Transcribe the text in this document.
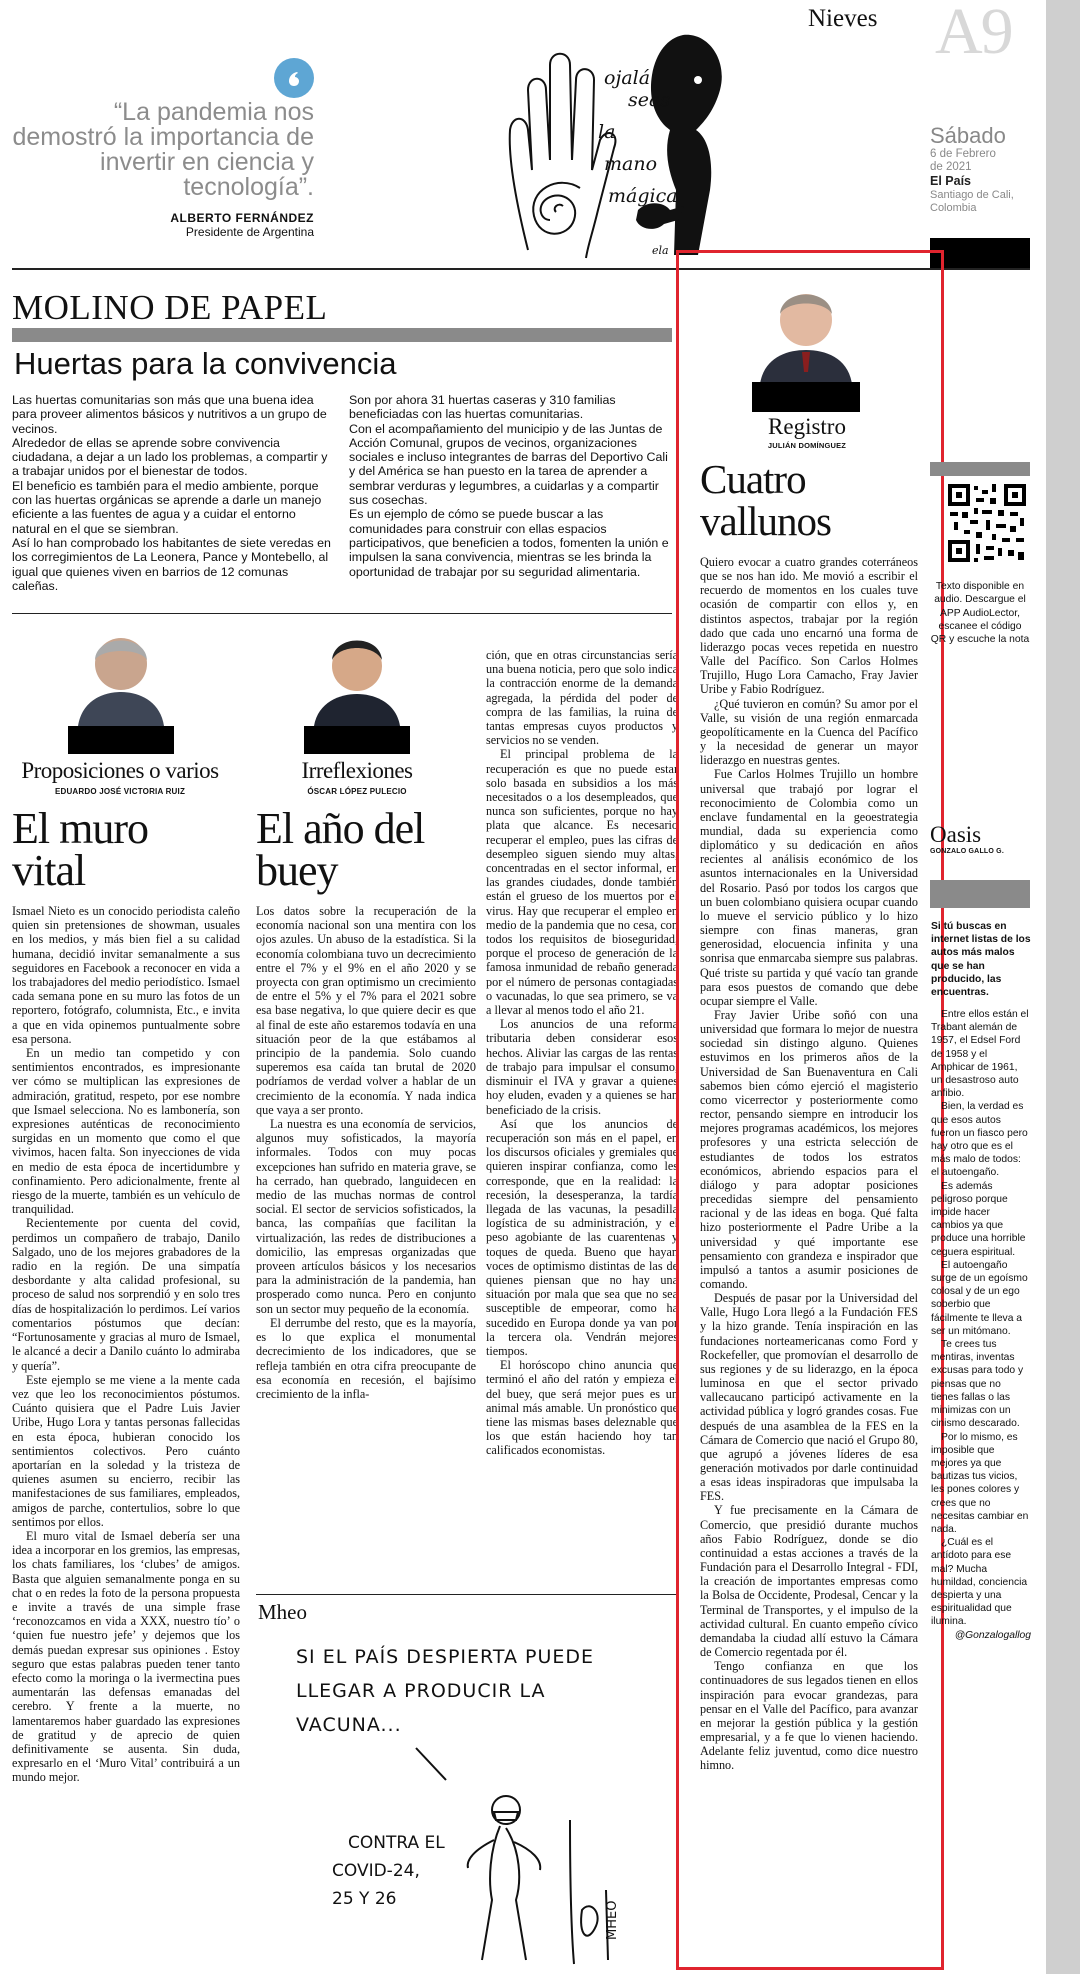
Nieves A9
Sábado
6 de Febrero
de 2021
El País
Santiago de Cali,
Colombia
“La pandemia nos demostró la importancia de invertir en ciencia y tecnología”.
ALBERTO FERNÁNDEZ
Presidente de Argentina
ojalá
seas
la
mano
mágica
ela
MOLINO DE PAPEL
Huertas para la convivencia
Las huertas comunitarias son más que una buena idea para proveer alimentos básicos y nutritivos a un grupo de vecinos.
Alrededor de ellas se aprende sobre convivencia ciudadana, a dejar a un lado los problemas, a compartir y a trabajar unidos por el bienestar de todos.
El beneficio es también para el medio ambiente, porque con las huertas orgánicas se aprende a darle un manejo eficiente a las fuentes de agua y a cuidar el entorno natural en el que se siembran.
Así lo han comprobado los habitantes de siete veredas en los corregimientos de La Leonera, Pance y Montebello, al igual que quienes viven en barrios de 12 comunas caleñas.
Son por ahora 31 huertas caseras y 310 familias beneficiadas con las huertas comunitarias.
Con el acompañamiento del municipio y de las Juntas de Acción Comunal, grupos de vecinos, organizaciones sociales e incluso integrantes de barras del Deportivo Cali y del América se han puesto en la tarea de aprender a sembrar verduras y legumbres, a cuidarlas y a compartir sus cosechas.
Es un ejemplo de cómo se puede buscar a las comunidades para construir con ellas espacios participativos, que beneficien a todos, fomenten la unión e impulsen la sana convivencia, mientras se les brinda la oportunidad de trabajar por su seguridad alimentaria.
Proposiciones o varios
EDUARDO JOSÉ VICTORIA RUIZ
El muro
vital

Ismael Nieto es un conocido periodista caleño quien sin pretensiones de showman, usuales en los medios, y más bien fiel a su calidad humana, decidió invitar semanalmente a sus seguidores en Facebook a reconocer en vida a los trabajadores del medio periodístico. Ismael cada semana pone en su muro las fotos de un reportero, fotógrafo, columnista, Etc., e invita a que en vida opinemos puntualmente sobre esa persona.

En un medio tan competido y con sentimientos encontrados, es impresionante ver cómo se multiplican las expresiones de admiración, gratitud, respeto, por ese nombre que Ismael selecciona. No es lambonería, son expresiones auténticas de reconocimiento surgidas en un momento que como el que vivimos, hacen falta. Son inyecciones de vida en medio de esta época de incertidumbre y confinamiento. Pero adicionalmente, frente al riesgo de la muerte, también es un vehículo de tranquilidad.

Recientemente por cuenta del covid, perdimos un compañero de trabajo, Danilo Salgado, uno de los mejores grabadores de la radio en la región. De una simpatía desbordante y alta calidad profesional, su proceso de salud nos sorprendió y en solo tres días de hospitalización lo perdimos. Leí varios comentarios póstumos que decían: “Fortunosamente y gracias al muro de Ismael, le alcancé a decir a Danilo cuánto lo admiraba y quería”.

Este ejemplo se me viene a la mente cada vez que leo los reconocimientos póstumos. Cuánto quisiera que el Padre Luis Javier Uribe, Hugo Lora y tantas personas fallecidas en esta época, hubieran conocido los sentimientos colectivos. Pero cuánto aportarían en la soledad y la tristeza de quienes asumen su encierro, recibir las manifestaciones de sus familiares, empleados, amigos de parche, contertulios, sobre lo que sentimos por ellos.

El muro vital de Ismael debería ser una idea a incorporar en los gremios, las empresas, los chats familiares, los ‘clubes’ de amigos. Basta que alguien semanalmente ponga en su chat o en redes la foto de la persona propuesta e invite a través de una simple frase ‘reconozcamos en vida a XXX, nuestro tío’ o ‘quien fue nuestro jefe’ y dejemos que los demás puedan expresar sus opiniones . Estoy seguro que estas palabras pueden tener tanto efecto como la moringa o la ivermectina pues aumentarán las defensas emanadas del cerebro. Y frente a la muerte, no lamentaremos haber guardado las expresiones de gratitud y de aprecio de quien definitivamente se ausenta. Sin duda, expresarlo en el ‘Muro Vital’ contribuirá a un mundo mejor.

Irreflexiones
ÓSCAR LÓPEZ PULECIO
El año del
buey

Los datos sobre la recuperación de la economía nacional son una mentira con los ojos azules. Un abuso de la estadística. Si la economía colombiana tuvo un decrecimiento entre el 7% y el 9% en el año 2020 y se proyecta con gran optimismo un crecimiento de entre el 5% y el 7% para el 2021 sobre esa base negativa, lo que quiere decir es que al final de este año estaremos todavía en una situación peor de la que estábamos al principio de la pandemia. Solo cuando superemos esa caída tan brutal de 2020 podríamos de verdad volver a hablar de un crecimiento de la economía. Y nada indica que vaya a ser pronto.

La nuestra es una economía de servicios, algunos muy sofisticados, la mayoría informales. Todos con muy pocas excepciones han sufrido en materia grave, se ha cerrado, han quebrado, languidecen en medio de las muchas normas de control social. El sector de servicios sofisticados, la banca, las compañías que facilitan la virtualización, las redes de distribuciones a domicilio, las empresas organizadas que proveen artículos básicos y los necesarios para la administración de la pandemia, han prosperado como nunca. Pero en conjunto son un sector muy pequeño de la economía.

El derrumbe del resto, que es la mayoría, es lo que explica el monumental decrecimiento de los indicadores, que se refleja también en otra cifra preocupante de esa economía en recesión, el bajísimo crecimiento de la infla-

ción, que en otras circunstancias sería una buena noticia, pero que solo indica la contracción enorme de la demanda agregada, la pérdida del poder de compra de las familias, la ruina de tantas empresas cuyos productos y servicios no se venden.

El principal problema de la recuperación es que no puede estar solo basada en subsidios a los más necesitados o a los desempleados, que nunca son suficientes, porque no hay plata que alcance. Es necesario recuperar el empleo, pues las cifras de desempleo siguen siendo muy altas, concentradas en el sector informal, en las grandes ciudades, donde también están el grueso de los muertos por el virus. Hay que recuperar el empleo en medio de la pandemia que no cesa, con todos los requisitos de bioseguridad, porque el proceso de generación de la famosa inmunidad de rebaño generada por el número de personas contagiadas o vacunadas, lo que sea primero, se va a llevar al menos todo el año 21.

Los anuncios de una reforma tributaria deben considerar esos hechos. Aliviar las cargas de las rentas de trabajo para impulsar el consumo, disminuir el IVA y gravar a quienes hoy eluden, evaden y a quienes se han beneficiado de la crisis.

Así que los anuncios de recuperación son más en el papel, en los discursos oficiales y gremiales que quieren inspirar confianza, como les corresponde, que en la realidad: la recesión, la desesperanza, la tardía llegada de las vacunas, la pesadilla logística de su administración, y el peso agobiante de las cuarentenas y toques de queda. Bueno que hayan voces de optimismo distintas de las de quienes piensan que no hay una situación por mala que sea que no sea susceptible de empeorar, como ha sucedido en Europa donde ya van por la tercera ola. Vendrán mejores tiempos.

El horóscopo chino anuncia que terminó el año del ratón y empieza el del buey, que será mejor pues es un animal más amable. Un pronóstico que tiene las mismas bases deleznable que los que están haciendo hoy tan calificados economistas.

Mheo
SI EL PAÍS DESPIERTA PUEDE
LLEGAR A PRODUCIR LA
VACUNA...
CONTRA EL
COVID-24,
25 Y 26
MHEO
Registro
JULIÁN DOMÍNGUEZ
Cuatro
vallunos

Quiero evocar a cuatro grandes coterráneos que se nos han ido. Me movió a escribir el recuerdo de momentos en los cuales tuve ocasión de compartir con ellos y, en distintos aspectos, trabajar por la región dado que cada uno encarnó una forma de liderazgo pocas veces repetida en nuestro Valle del Pacífico. Son Carlos Holmes Trujillo, Hugo Lora Camacho, Fray Javier Uribe y Fabio Rodríguez.

¿Qué tuvieron en común? Su amor por el Valle, su visión de una región enmarcada geopolíticamente en la Cuenca del Pacífico y la necesidad de generar un mayor liderazgo en nuestras gentes.

Fue Carlos Holmes Trujillo un hombre universal que trabajó por lograr el reconocimiento de Colombia como un enclave fundamental en la geoestrategia mundial, dada su experiencia como diplomático y su dedicación en años recientes al análisis económico de los asuntos internacionales en la Universidad del Rosario. Pasó por todos los cargos que un buen colombiano quisiera ocupar cuando lo mueve el servicio público y lo hizo siempre con finas maneras, gran generosidad, elocuencia infinita y una sonrisa que enmarcaba siempre sus palabras. Qué triste su partida y qué vacío tan grande para esos puestos de comando que debe ocupar siempre el Valle.

Fray Javier Uribe soñó con una universidad que formara lo mejor de nuestra sociedad sin distingo alguno. Quienes estuvimos en los primeros años de la Universidad de San Buenaventura en Cali sabemos bien cómo ejerció el magisterio como vicerrector y posteriormente como rector, pensando siempre en introducir los mejores programas académicos, los mejores profesores y una estricta selección de estudiantes de todos los estratos económicos, abriendo espacios para el diálogo y para adoptar posiciones precedidas siempre del pensamiento racional y de las ideas en boga. Qué falta hizo posteriormente el Padre Uribe a la universidad y qué importante ese pensamiento con grandeza e inspirador que impulsó a tantos a asumir posiciones de comando.

Después de pasar por la Universidad del Valle, Hugo Lora llegó a la Fundación FES y la hizo grande. Tenía inspiración en las fundaciones norteamericanas como Ford y Rockefeller, que promovían el desarrollo de sus regiones y de su liderazgo, en la época luminosa en que el sector privado vallecaucano participó activamente en la actividad pública y logró grandes cosas. Fue después de una asamblea de la FES en la Cámara de Comercio que nació el Grupo 80, que agrupó a jóvenes líderes de esa generación motivados por darle continuidad a esas ideas inspiradoras que impulsaba la FES.

Y fue precisamente en la Cámara de Comercio, que presidió durante muchos años Fabio Rodríguez, donde se dio continuidad a estas acciones a través de la Fundación para el Desarrollo Integral - FDI, la creación de importantes empresas como la Bolsa de Occidente, Prodesal, Cencar y la Terminal de Transportes, y el impulso de la actividad cultural. En cuanto empeño cívico demandaba la ciudad allí estuvo la Cámara de Comercio regentada por él.

Tengo confianza en que los continuadores de sus legados tienen en ellos inspiración para evocar grandezas, para pensar en el Valle del Pacífico, para avanzar en mejorar la gestión pública y la gestión empresarial, y a fe que lo vienen haciendo. Adelante feliz juventud, como dice nuestro himno.

Texto disponible en audio. Descargue el APP AudioLector, escanee el código QR y escuche la nota
Oasis
GONZALO GALLO G.
Si tú buscas en internet listas de los autos más malos que se han producido, las encuentras.

Entre ellos están el Trabant alemán de 1957, el Edsel Ford de 1958 y el Amphicar de 1961, un desastroso auto anfibio.

Bien, la verdad es que esos autos fueron un fiasco pero hay otro que es el más malo de todos: el autoengaño.

Es además peligroso porque impide hacer cambios ya que produce una horrible ceguera espiritual.

El autoengaño surge de un egoísmo colosal y de un ego soberbio que fácilmente te lleva a ser un mitómano.

Te crees tus mentiras, inventas excusas para todo y piensas que no tienes fallas o las minimizas con un cinismo descarado.

Por lo mismo, es imposible que mejores ya que bautizas tus vicios, les pones colores y crees que no necesitas cambiar en nada.

¿Cuál es el antídoto para ese mal? Mucha humildad, conciencia despierta y una espiritualidad que ilumina.

@Gonzalogallog
